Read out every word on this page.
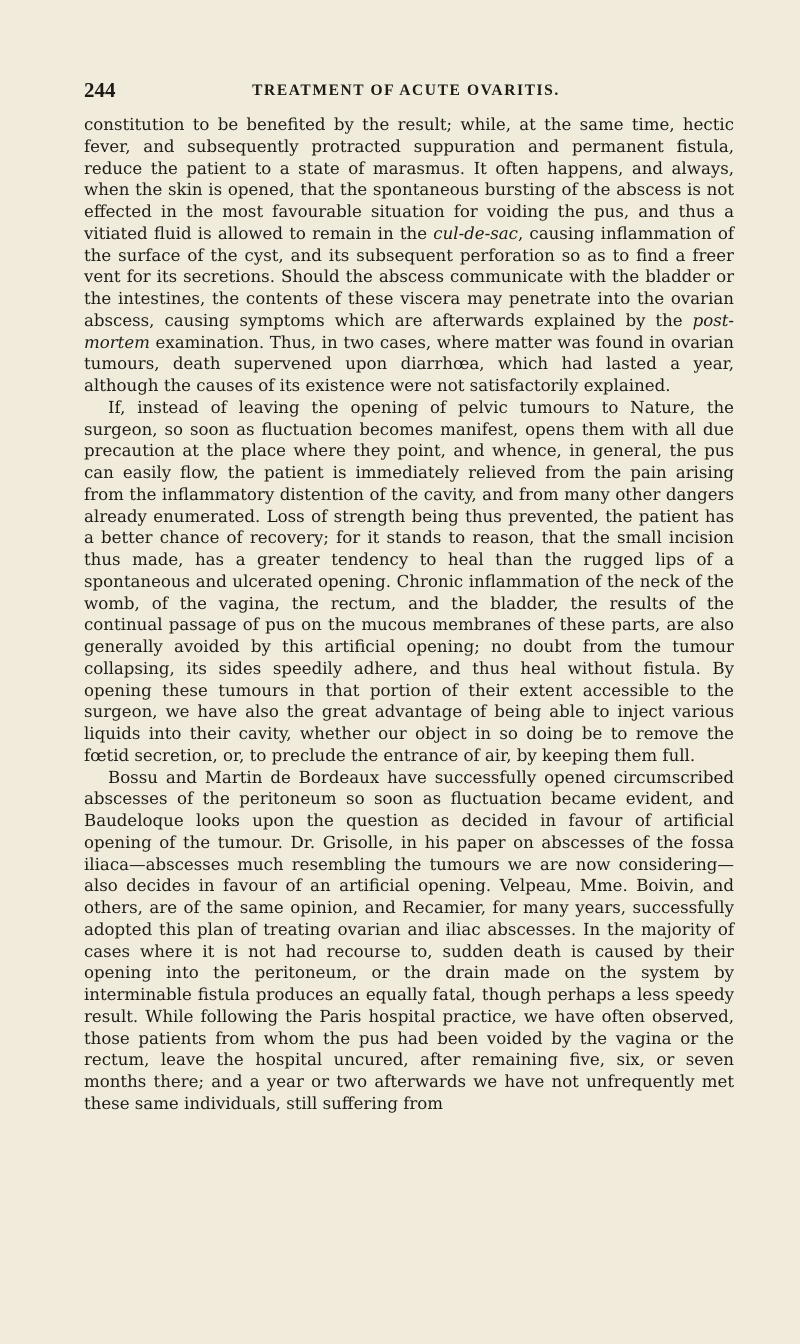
244	TREATMENT OF ACUTE OVARITIS.

constitution to be benefited by the result; while, at the same time, hectic fever, and subsequently protracted suppuration and permanent fistula, reduce the patient to a state of marasmus. It often happens, and always, when the skin is opened, that the spontaneous bursting of the abscess is not effected in the most favourable situation for voiding the pus, and thus a vitiated fluid is allowed to remain in the cul-de-sac, causing inflammation of the surface of the cyst, and its subsequent perforation so as to find a freer vent for its secretions. Should the abscess communicate with the bladder or the intestines, the contents of these viscera may penetrate into the ovarian abscess, causing symptoms which are afterwards explained by the post-mortem examination. Thus, in two cases, where matter was found in ovarian tumours, death supervened upon diarrhœa, which had lasted a year, although the causes of its existence were not satisfactorily explained.

If, instead of leaving the opening of pelvic tumours to Nature, the surgeon, so soon as fluctuation becomes manifest, opens them with all due precaution at the place where they point, and whence, in general, the pus can easily flow, the patient is immediately relieved from the pain arising from the inflammatory distention of the cavity, and from many other dangers already enumerated. Loss of strength being thus prevented, the patient has a better chance of recovery; for it stands to reason, that the small incision thus made, has a greater tendency to heal than the rugged lips of a spontaneous and ulcerated opening. Chronic inflammation of the neck of the womb, of the vagina, the rectum, and the bladder, the results of the continual passage of pus on the mucous membranes of these parts, are also generally avoided by this artificial opening; no doubt from the tumour collapsing, its sides speedily adhere, and thus heal without fistula. By opening these tumours in that portion of their extent accessible to the surgeon, we have also the great advantage of being able to inject various liquids into their cavity, whether our object in so doing be to remove the fœtid secretion, or, to preclude the entrance of air, by keeping them full.

Bossu and Martin de Bordeaux have successfully opened circumscribed abscesses of the peritoneum so soon as fluctuation became evident, and Baudeloque looks upon the question as decided in favour of artificial opening of the tumour. Dr. Grisolle, in his paper on abscesses of the fossa iliaca—abscesses much resembling the tumours we are now considering—also decides in favour of an artificial opening. Velpeau, Mme. Boivin, and others, are of the same opinion, and Recamier, for many years, successfully adopted this plan of treating ovarian and iliac abscesses. In the majority of cases where it is not had recourse to, sudden death is caused by their opening into the peritoneum, or the drain made on the system by interminable fistula produces an equally fatal, though perhaps a less speedy result. While following the Paris hospital practice, we have often observed, those patients from whom the pus had been voided by the vagina or the rectum, leave the hospital uncured, after remaining five, six, or seven months there; and a year or two afterwards we have not unfrequently met these same individuals, still suffering from
